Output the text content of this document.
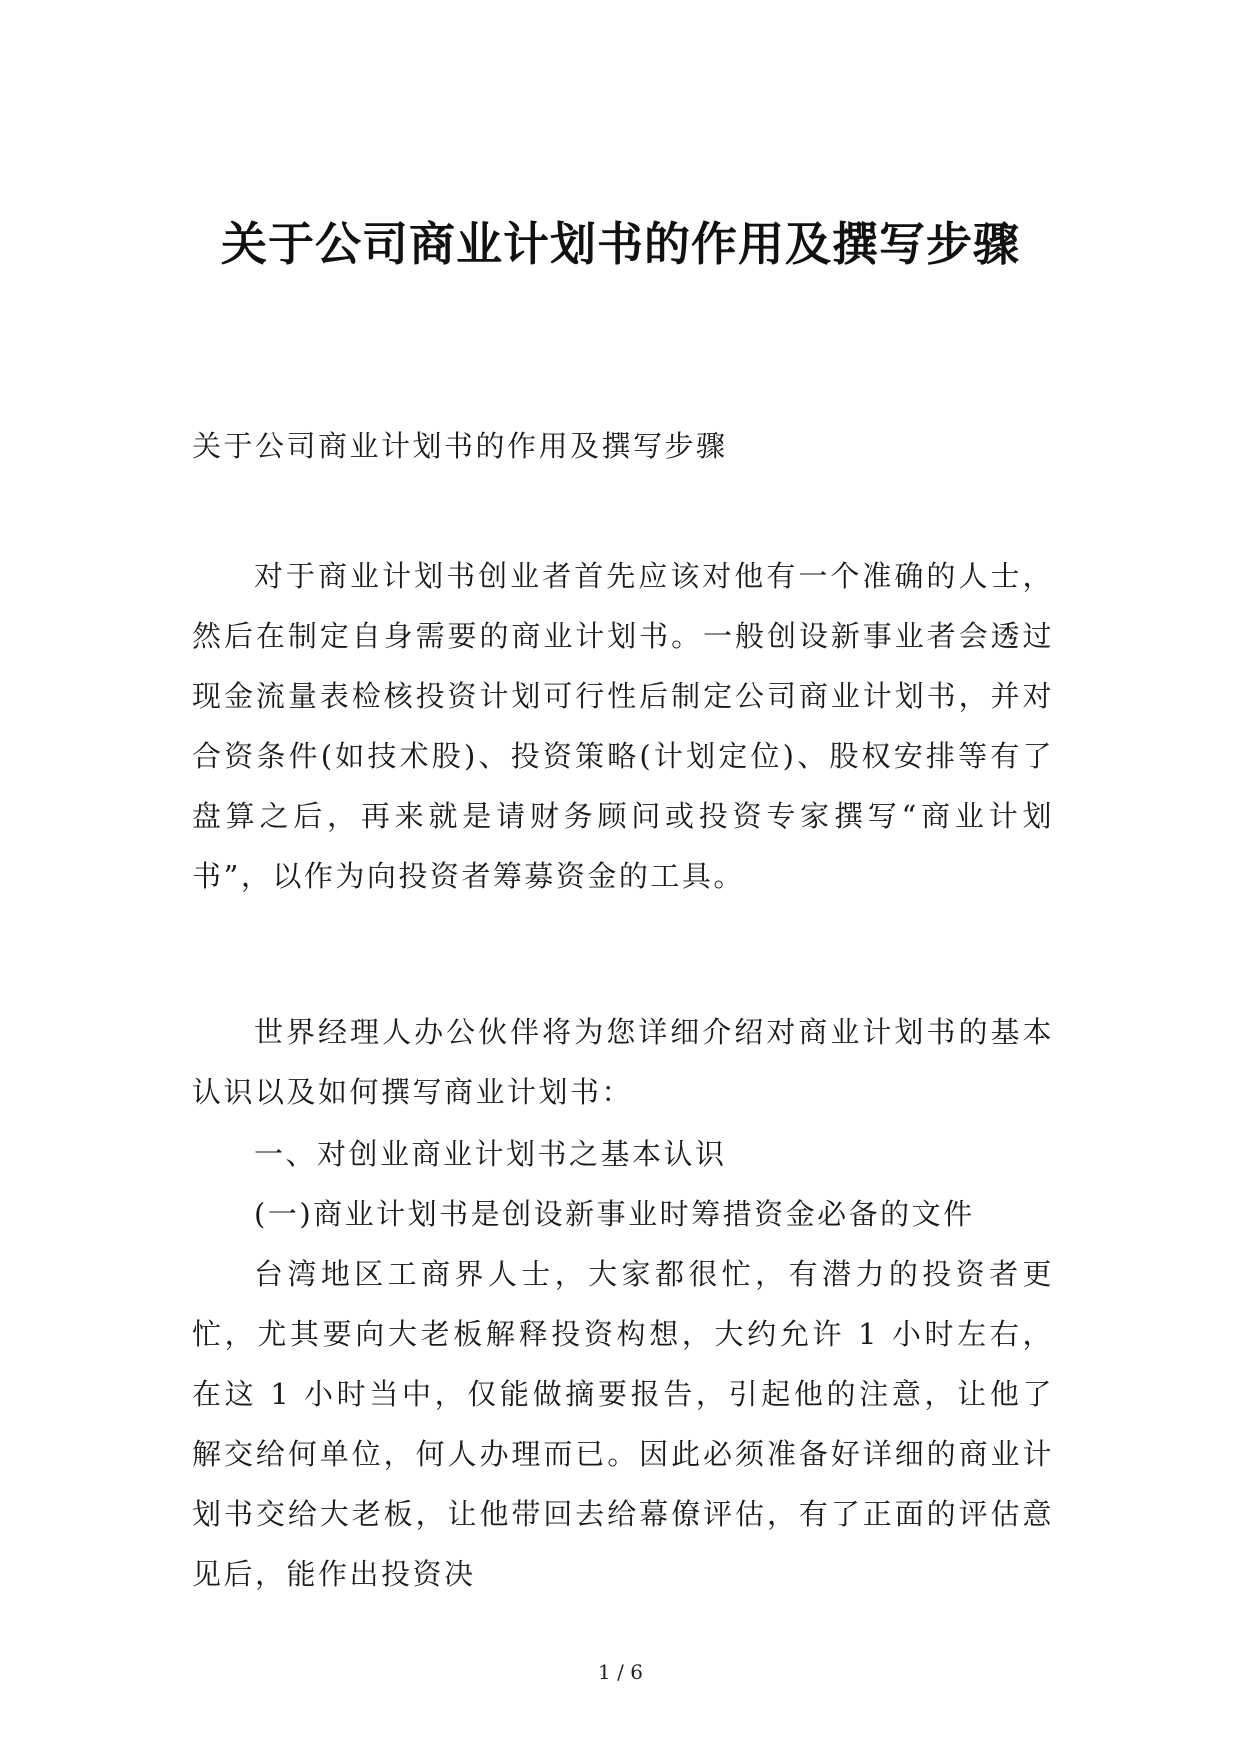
关于公司商业计划书的作用及撰写步骤

关于公司商业计划书的作用及撰写步骤

对于商业计划书创业者首先应该对他有一个准确的人士，然后在制定自身需要的商业计划书。一般创设新事业者会透过现金流量表检核投资计划可行性后制定公司商业计划书，并对合资条件(如技术股)、投资策略(计划定位)、股权安排等有了盘算之后，再来就是请财务顾问或投资专家撰写“商业计划书”，以作为向投资者筹募资金的工具。

世界经理人办公伙伴将为您详细介绍对商业计划书的基本认识以及如何撰写商业计划书：

一、对创业商业计划书之基本认识

(一)商业计划书是创设新事业时筹措资金必备的文件

台湾地区工商界人士，大家都很忙，有潜力的投资者更忙，尤其要向大老板解释投资构想，大约允许 1 小时左右，在这 1 小时当中，仅能做摘要报告，引起他的注意，让他了解交给何单位，何人办理而已。因此必须准备好详细的商业计划书交给大老板，让他带回去给幕僚评估，有了正面的评估意见后，能作出投资决

1 / 6
